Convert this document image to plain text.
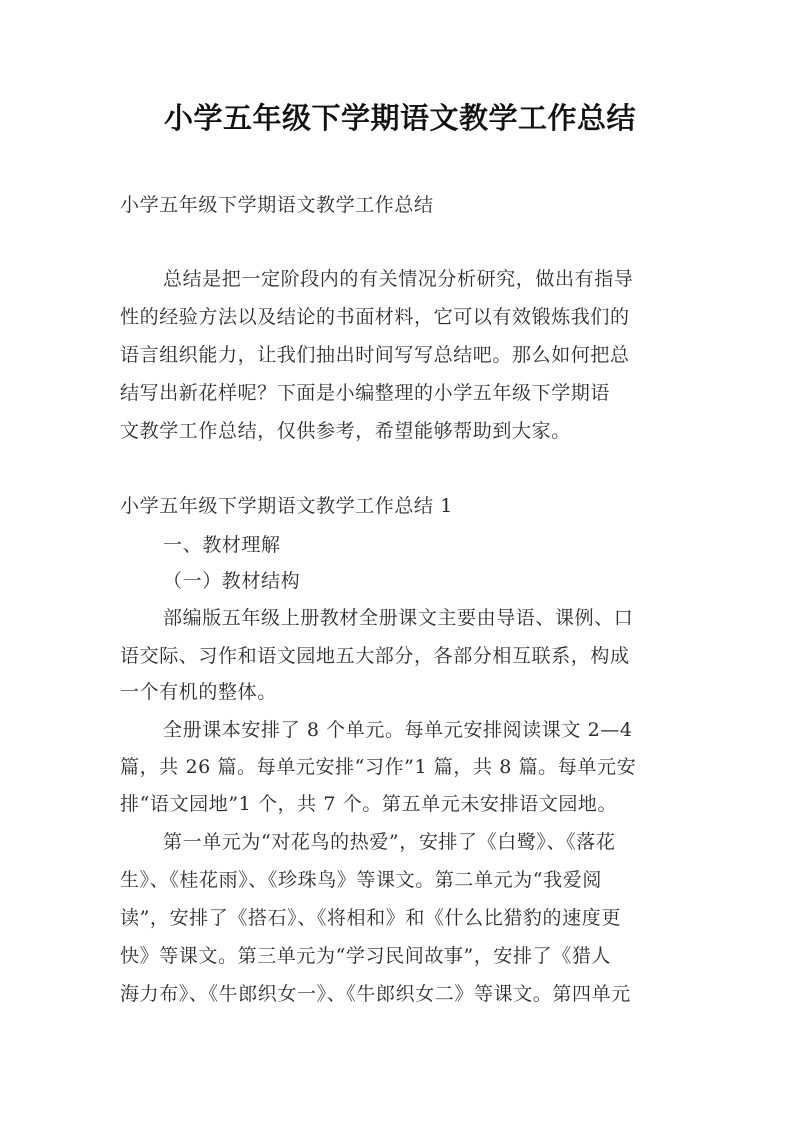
小学五年级下学期语文教学工作总结
小学五年级下学期语文教学工作总结
总结是把一定阶段内的有关情况分析研究，做出有指导
性的经验方法以及结论的书面材料，它可以有效锻炼我们的
语言组织能力，让我们抽出时间写写总结吧。那么如何把总
结写出新花样呢？下面是小编整理的小学五年级下学期语
文教学工作总结，仅供参考，希望能够帮助到大家。
小学五年级下学期语文教学工作总结 1
一、教材理解
（一）教材结构
部编版五年级上册教材全册课文主要由导语、课例、口
语交际、习作和语文园地五大部分，各部分相互联系，构成
一个有机的整体。
全册课本安排了 8 个单元。每单元安排阅读课文 2—4
篇，共 26 篇。每单元安排“习作”1 篇，共 8 篇。每单元安
排“语文园地”1 个，共 7 个。第五单元未安排语文园地。
第一单元为“对花鸟的热爱”，安排了《白鹭》、《落花
生》、《桂花雨》、《珍珠鸟》等课文。第二单元为“我爱阅
读”，安排了《搭石》、《将相和》和《什么比猎豹的速度更
快》等课文。第三单元为“学习民间故事”，安排了《猎人
海力布》、《牛郎织女一》、《牛郎织女二》等课文。第四单元
